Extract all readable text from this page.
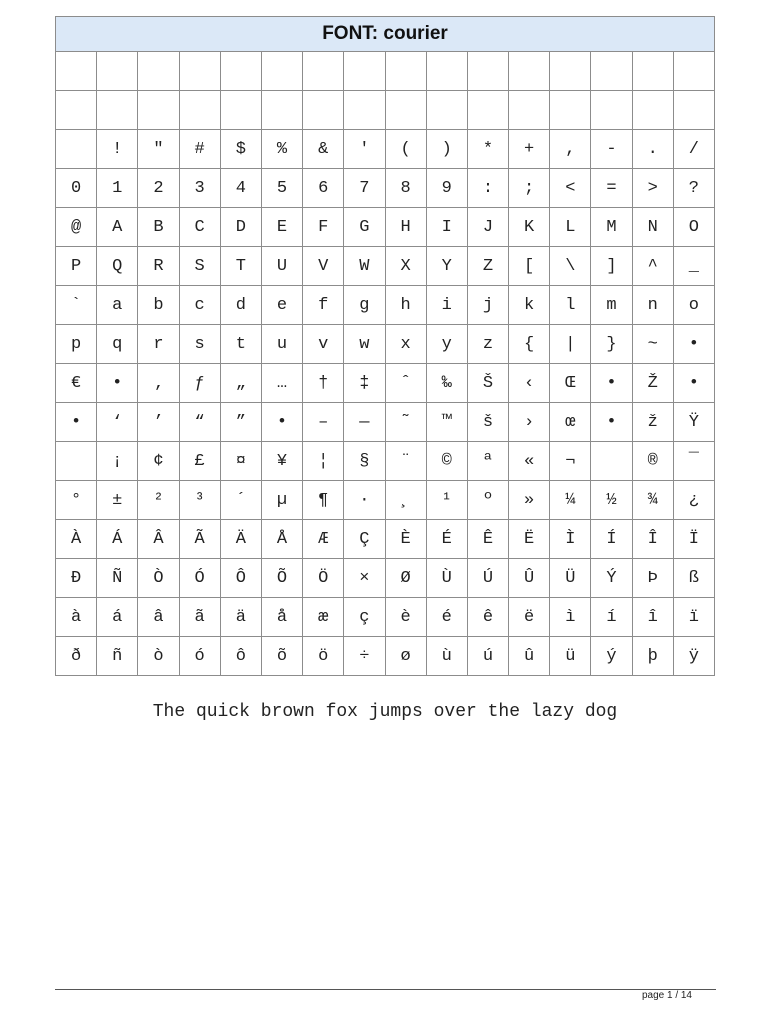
FONT: courier															

	!	"	#	$	%	&	'	(	)	*	+	,	-	.	/
0	1	2	3	4	5	6	7	8	9	:	;	<	=	>	?
@	A	B	C	D	E	F	G	H	I	J	K	L	M	N	O
P	Q	R	S	T	U	V	W	X	Y	Z	[	\	]	^	_
`	a	b	c	d	e	f	g	h	i	j	k	l	m	n	o
p	q	r	s	t	u	v	w	x	y	z	{	|	}	~	•
€	•	‚	ƒ	„	…	†	‡	ˆ	‰	Š	‹	Œ	•	Ž	•
•	‘	’	“	”	•	–	—	˜	™	š	›	œ	•	ž	Ÿ
	¡	¢	£	¤	¥	¦	§	¨	©	ª	«	¬		®	¯
°	±	²	³	´	µ	¶	·	¸	¹	º	»	¼	½	¾	¿
À	Á	Â	Ã	Ä	Å	Æ	Ç	È	É	Ê	Ë	Ì	Í	Î	Ï
Ð	Ñ	Ò	Ó	Ô	Õ	Ö	×	Ø	Ù	Ú	Û	Ü	Ý	Þ	ß
à	á	â	ã	ä	å	æ	ç	è	é	ê	ë	ì	í	î	ï
ð	ñ	ò	ó	ô	õ	ö	÷	ø	ù	ú	û	ü	ý	þ	ÿ
The quick brown fox jumps over the lazy dog
page 1 / 14
